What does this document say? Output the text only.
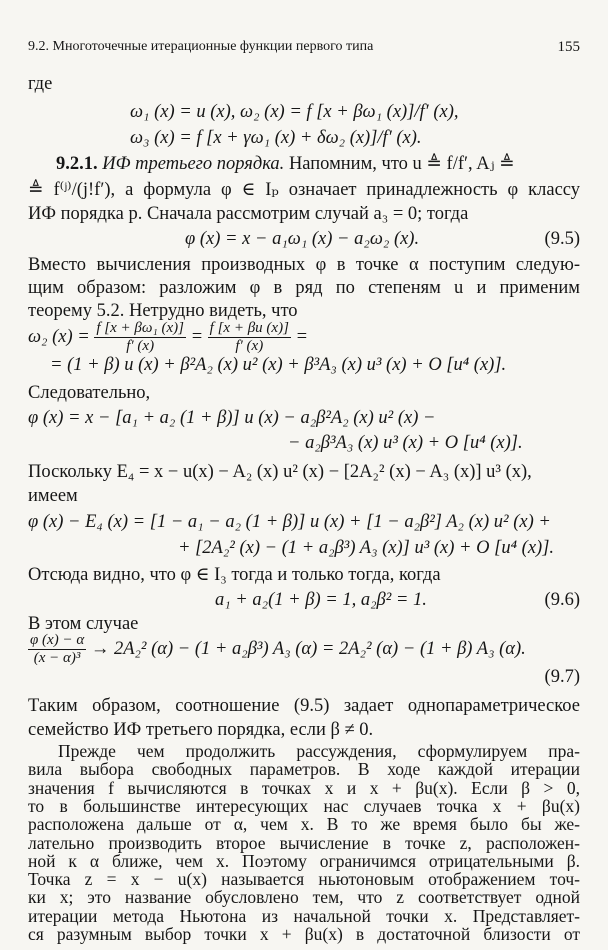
9.2. Многоточечные итерационные функции первого типа	155
где
ω₁ (x) = u (x), ω₂ (x) = f [x + βω₁ (x)]/f′ (x),
ω₃ (x) = f [x + γω₁ (x) + δω₂ (x)]/f′ (x).
9.2.1. ИФ третьего порядка. Напомним, что u ≜ f/f′, Aⱼ ≜
≜ f⁽ʲ⁾/(j!f′), а формула φ ∈ Iₚ означает принадлежность φ классу
ИФ порядка p. Сначала рассмотрим случай a₃ = 0; тогда
φ (x) = x − a₁ω₁ (x) − a₂ω₂ (x).	(9.5)
Вместо вычисления производных φ в точке α поступим следую-
щим образом: разложим φ в ряд по степеням u и применим
теорему 5.2. Нетрудно видеть, что
ω₂ $(x) = \frac{\text{f [x + βω₁ (x)]}}{f' (x)} = \frac{f [x + \beta u (x)]}{f' (x)}$ =
= (1 + β) u (x) + β²A₂ (x) u² (x) + β³A₃ (x) u³ (x) + O [u⁴ (x)].
Следовательно,
φ (x) = x − [a₁ + a₂ (1 + β)] u (x) − a₂β²A₂ (x) u² (x) −
− a₂β³A₃ (x) u³ (x) + O [u⁴ (x)].
Поскольку E₄ = x − u(x) − A₂ (x) u² (x) − [2A₂² (x) − A₃ (x)] u³ (x),
имеем
φ (x) − E₄ (x) = [1 − a₁ − a₂ (1 + β)] u (x) + [1 − a₂β²] A₂ (x) u² (x) +
+ [2A₂² (x) − (1 + a₂β³) A₃ (x)] u³ (x) + O [u⁴ (x)].
Отсюда видно, что φ ∈ I₃ тогда и только тогда, когда
a₁ + a₂(1 + β) = 1, a₂β² = 1.	(9.6)
В этом случае
$\frac{\varphi (x) - \alpha}{\text{(x − α)³}} \to 2A_2^2$ (α) − (1 + a₂β³) A₃ (α) = 2A₂² (α) − (1 + β) A₃ (α).
(9.7)
Таким образом, соотношение (9.5) задает однопараметрическое
семейство ИФ третьего порядка, если β ≠ 0.
Прежде чем продолжить рассуждения, сформулируем пра-
вила выбора свободных параметров. В ходе каждой итерации
значения f вычисляются в точках x и x + βu(x). Если β > 0,
то в большинстве интересующих нас случаев точка x + βu(x)
расположена дальше от α, чем x. В то же время было бы же-
лательно производить второе вычисление в точке z, расположен-
ной к α ближе, чем x. Поэтому ограничимся отрицательными β.
Точка z = x − u(x) называется ньютоновым отображением точ-
ки x; это название обусловлено тем, что z соответствует одной
итерации метода Ньютона из начальной точки x. Представляет-
ся разумным выбор точки x + βu(x) в достаточной близости от
